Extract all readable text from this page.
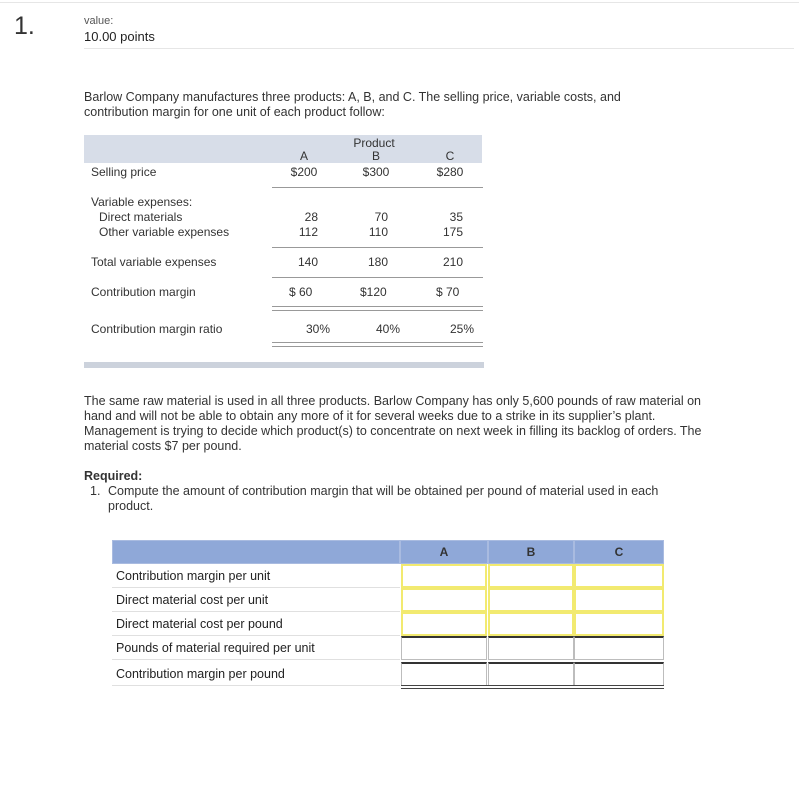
1.	value:
10.00 points
Barlow Company manufactures three products: A, B, and C. The selling price, variable costs, and contribution margin for one unit of each product follow:
Product
A	B	C
Selling price	$200	$300	$280
Variable expenses:
Direct materials	28	70	35
Other variable expenses	112	110	175
Total variable expenses	140	180	210
Contribution margin	$ 60	$120	$ 70
Contribution margin ratio	30%	40%	25%
The same raw material is used in all three products. Barlow Company has only 5,600 pounds of raw material on hand and will not be able to obtain any more of it for several weeks due to a strike in its supplier’s plant. Management is trying to decide which product(s) to concentrate on next week in filling its backlog of orders. The material costs $7 per pound.
Required:
1. Compute the amount of contribution margin that will be obtained per pound of material used in each product.
A	B	C
Contribution margin per unit
Direct material cost per unit
Direct material cost per pound
Pounds of material required per unit
Contribution margin per pound
